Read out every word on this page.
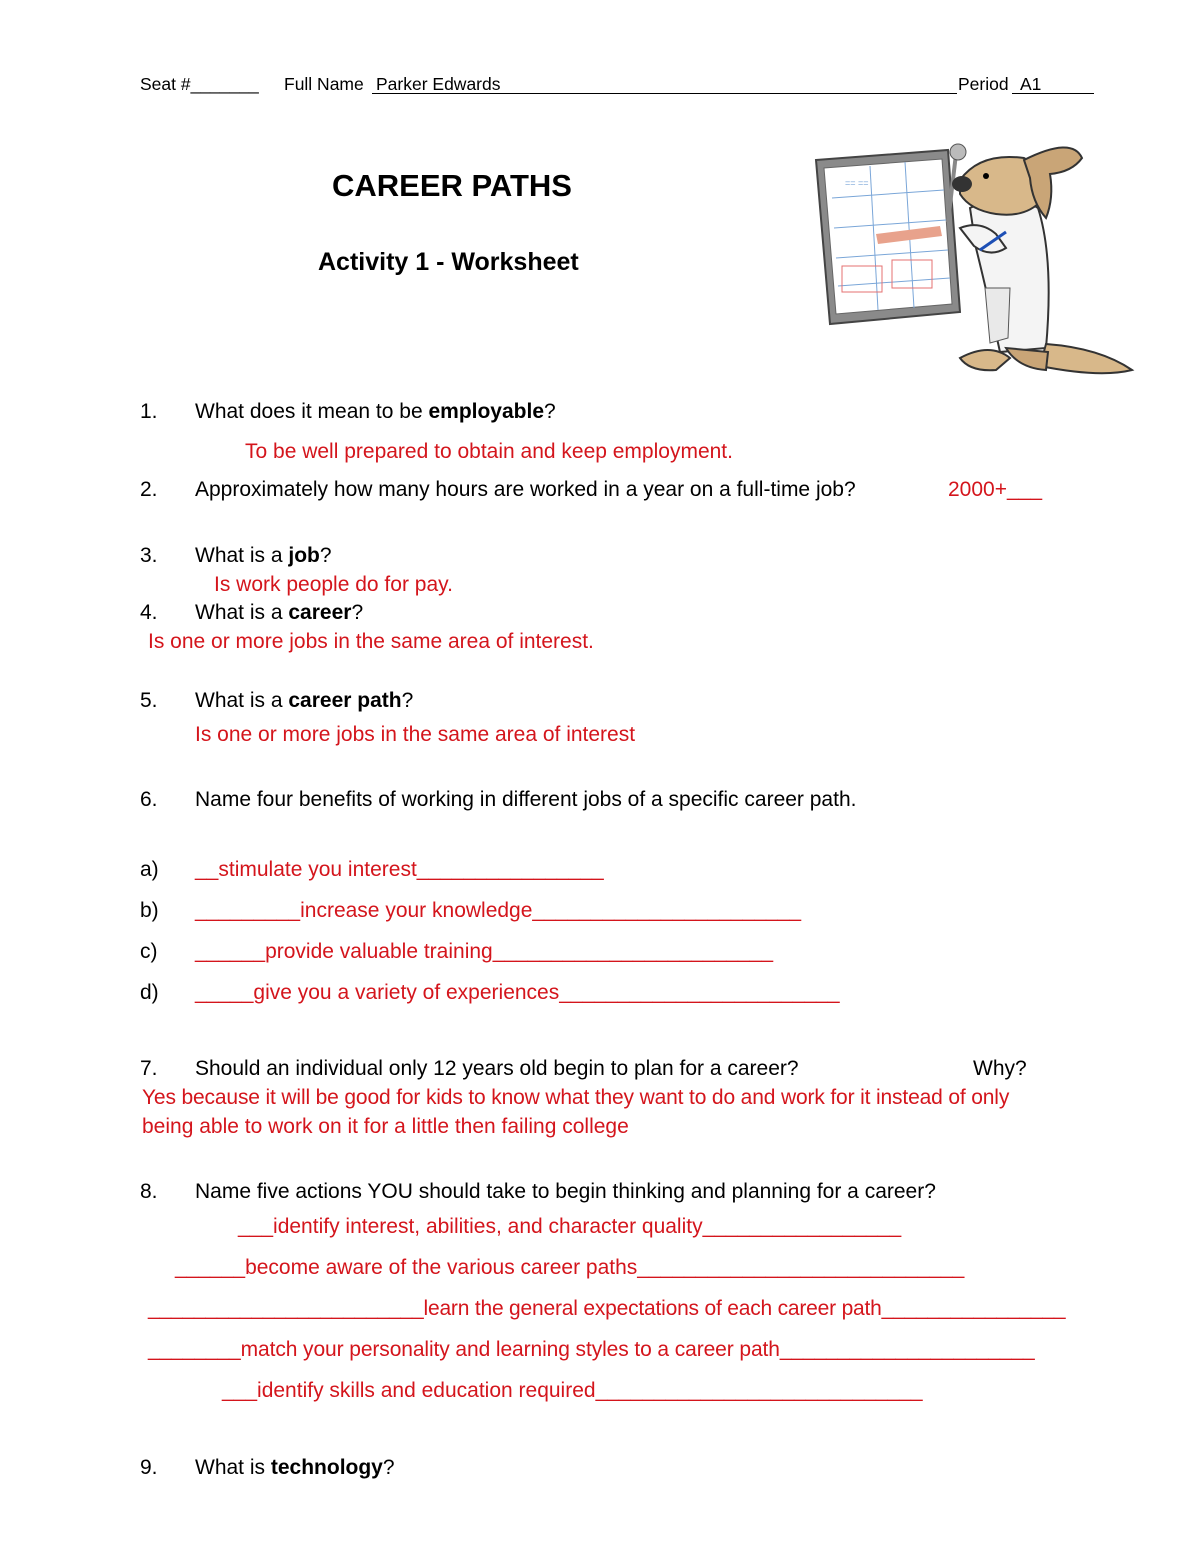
Seat #_______ Full Name Parker Edwards	Period A1
CAREER PATHS
Activity 1 - Worksheet
== ==
1. What does it mean to be employable?
To be well prepared to obtain and keep employment.
2. Approximately how many hours are worked in a year on a full-time job?	2000+___
3. What is a job?
Is work people do for pay.
4. What is a career?
Is one or more jobs in the same area of interest.
5. What is a career path?
Is one or more jobs in the same area of interest
6. Name four benefits of working in different jobs of a specific career path.
a) __stimulate you interest________________
b) _________increase your knowledge_______________________
c) ______provide valuable training________________________
d) _____give you a variety of experiences________________________
7. Should an individual only 12 years old begin to plan for a career?	Why?
Yes because it will be good for kids to know what they want to do and work for it instead of only
being able to work on it for a little then failing college
8. Name five actions YOU should take to begin thinking and planning for a career?
___identify interest, abilities, and character quality_________________
______become aware of the various career paths____________________________
________________________learn the general expectations of each career path________________
________match your personality and learning styles to a career path______________________
___identify skills and education required____________________________
9. What is technology?
